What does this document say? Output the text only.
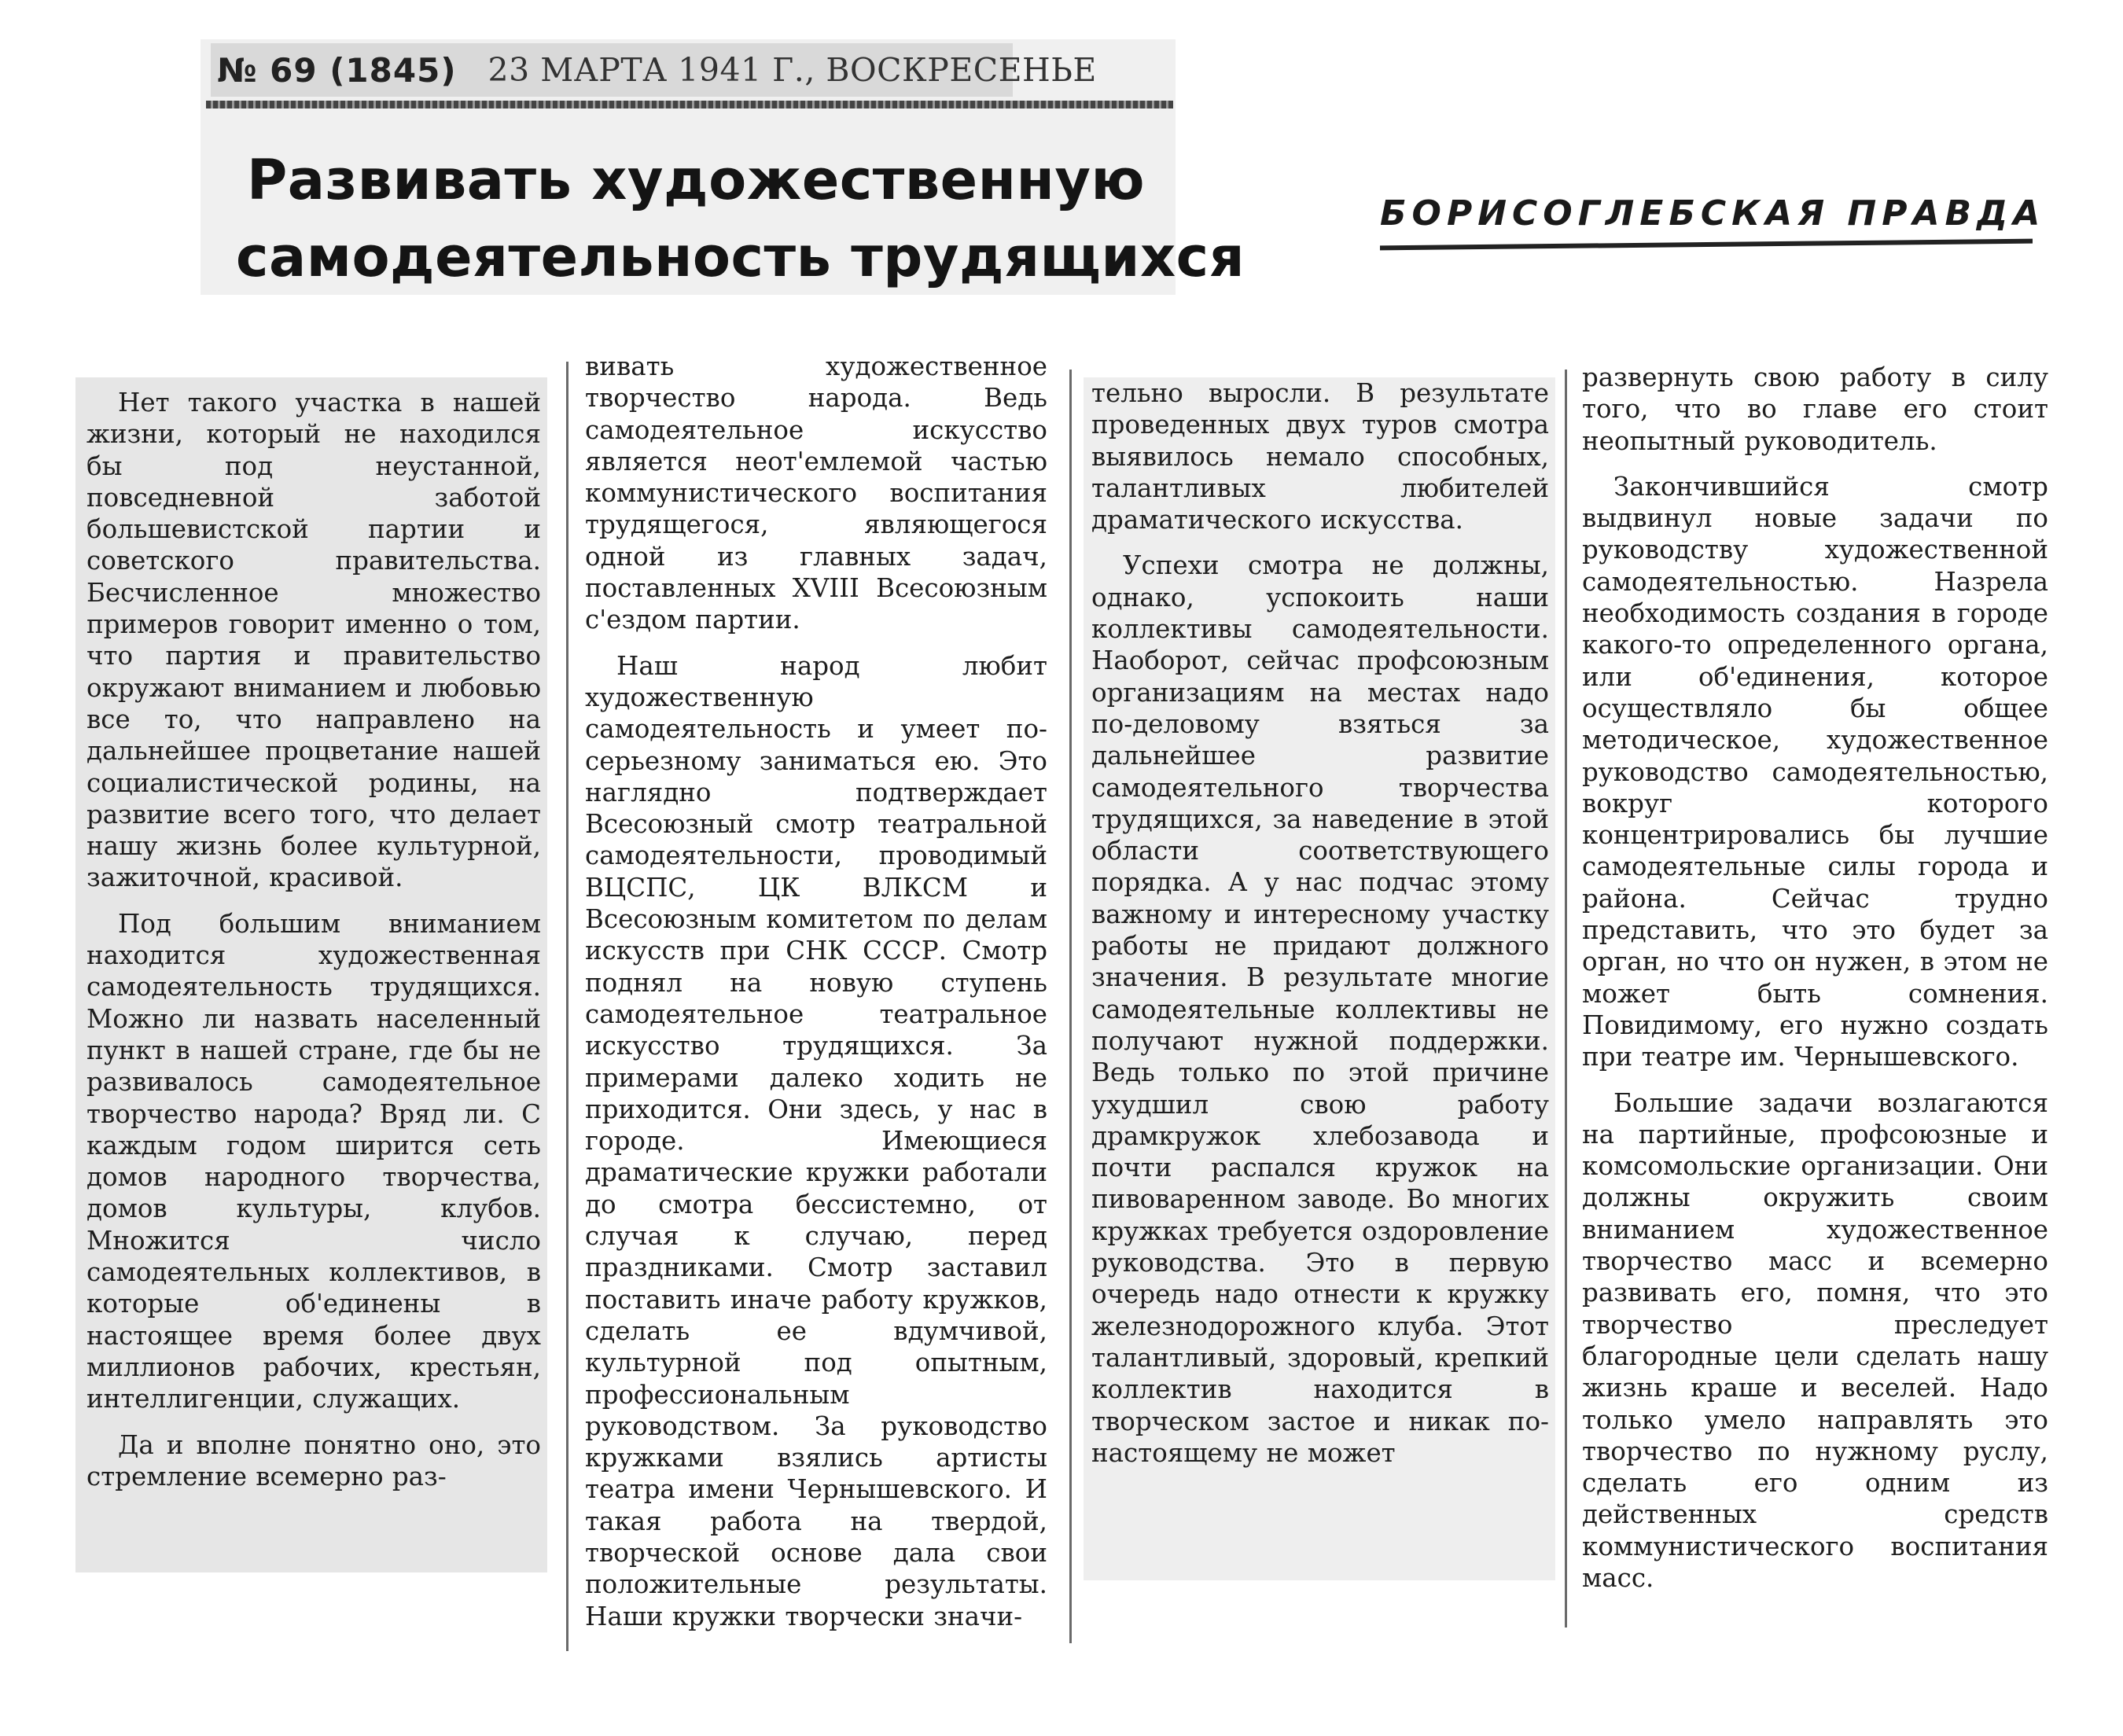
№ 69 (1845) 23 МАРТА 1941 Г., ВОСКРЕСЕНЬЕ
Развивать художественную
самодеятельность трудящихся
БОРИСОГЛЕБСКАЯ ПРАВДА

Нет такого участка в нашей жизни, который не находился бы под неустанной, повседневной заботой большевистской партии и советского правительства. Бесчисленное множество примеров говорит именно о том, что партия и правительство окружают вниманием и любовью все то, что направлено на дальнейшее процветание нашей социалистической родины, на развитие всего того, что делает нашу жизнь более культурной, зажиточной, красивой.

Под большим вниманием находится художественная самодеятельность трудящихся. Можно ли назвать населенный пункт в нашей стране, где бы не развивалось самодеятельное творчество народа? Вряд ли. С каждым годом ширится сеть домов народного творчества, домов культуры, клубов. Множится число самодеятельных коллективов, в которые об'единены в настоящее время более двух миллионов рабочих, крестьян, интеллигенции, служащих.

Да и вполне понятно оно, это стремление всемерно раз-

вивать художественное творчество народа. Ведь самодеятельное искусство является неот'емлемой частью коммунистического воспитания трудящегося, являющегося одной из главных задач, поставленных XVIII Всесоюзным с'ездом партии.

Наш народ любит художественную самодеятельность и умеет по-серьезному заниматься ею. Это наглядно подтверждает Всесоюзный смотр театральной самодеятельности, проводимый ВЦСПС, ЦК ВЛКСМ и Всесоюзным комитетом по делам искусств при СНК СССР. Смотр поднял на новую ступень самодеятельное театральное искусство трудящихся. За примерами далеко ходить не приходится. Они здесь, у нас в городе. Имеющиеся драматические кружки работали до смотра бессистемно, от случая к случаю, перед праздниками. Смотр заставил поставить иначе работу кружков, сделать ее вдумчивой, культурной под опытным, профессиональным руководством. За руководство кружками взялись артисты театра имени Чернышевского. И такая работа на твердой, творческой основе дала свои положительные результаты. Наши кружки творчески значи-

тельно выросли. В результате проведенных двух туров смотра выявилось немало способных, талантливых любителей драматического искусства.

Успехи смотра не должны, однако, успокоить наши коллективы самодеятельности. Наоборот, сейчас профсоюзным организациям на местах надо по-деловому взяться за дальнейшее развитие самодеятельного творчества трудящихся, за наведение в этой области соответствующего порядка. А у нас подчас этому важному и интересному участку работы не придают должного значения. В результате многие самодеятельные коллективы не получают нужной поддержки. Ведь только по этой причине ухудшил свою работу драмкружок хлебозавода и почти распался кружок на пивоваренном заводе. Во многих кружках требуется оздоровление руководства. Это в первую очередь надо отнести к кружку железнодорожного клуба. Этот талантливый, здоровый, крепкий коллектив находится в творческом застое и никак по-настоящему не может

развернуть свою работу в силу того, что во главе его стоит неопытный руководитель.

Закончившийся смотр выдвинул новые задачи по руководству художественной самодеятельностью. Назрела необходимость создания в городе какого-то определенного органа, или об'единения, которое осуществляло бы общее методическое, художественное руководство самодеятельностью, вокруг которого концентрировались бы лучшие самодеятельные силы города и района. Сейчас трудно представить, что это будет за орган, но что он нужен, в этом не может быть сомнения. Повидимому, его нужно создать при театре им. Чернышевского.

Большие задачи возлагаются на партийные, профсоюзные и комсомольские организации. Они должны окружить своим вниманием художественное творчество масс и всемерно развивать его, помня, что это творчество преследует благородные цели сделать нашу жизнь краше и веселей. Надо только умело направлять это творчество по нужному руслу, сделать его одним из действенных средств коммунистического воспитания масс.
